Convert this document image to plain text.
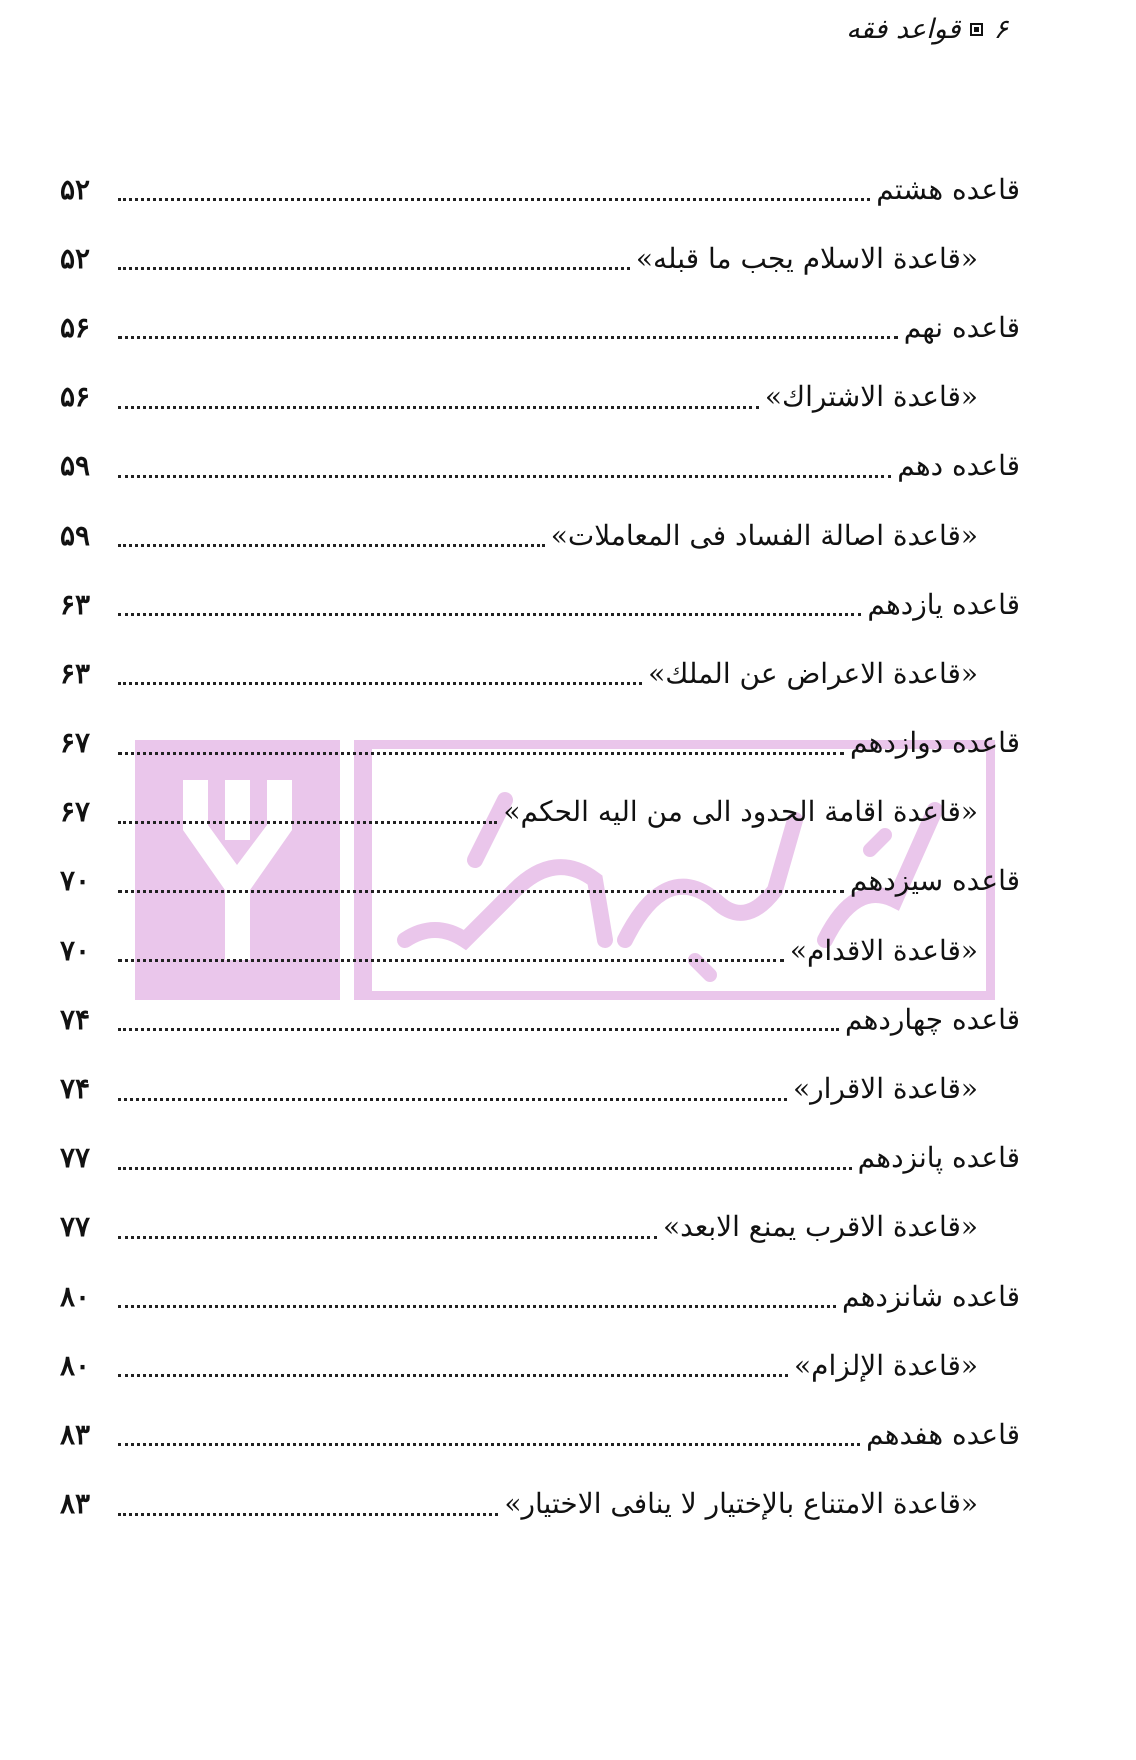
۶
قواعد فقه
قاعده هشتم
۵۲
«قاعدة الاسلام يجب ما قبله»
۵۲
قاعده نهم
۵۶
«قاعدة الاشتراك»
۵۶
قاعده دهم
۵۹
«قاعدة اصالة الفساد فى المعاملات»
۵۹
قاعده يازدهم
۶۳
«قاعدة الاعراض عن الملك»
۶۳
قاعده دوازدهم
۶۷
«قاعدة اقامة الحدود الى من اليه الحكم»
۶۷
قاعده سيزدهم
۷۰
«قاعدة الاقدام»
۷۰
قاعده چهاردهم
۷۴
«قاعدة الاقرار»
۷۴
قاعده پانزدهم
۷۷
«قاعدة الاقرب يمنع الابعد»
۷۷
قاعده شانزدهم
۸۰
«قاعدة الإلزام»
۸۰
قاعده هفدهم
۸۳
«قاعدة الامتناع بالإختيار لا ينافى الاختيار»
۸۳
